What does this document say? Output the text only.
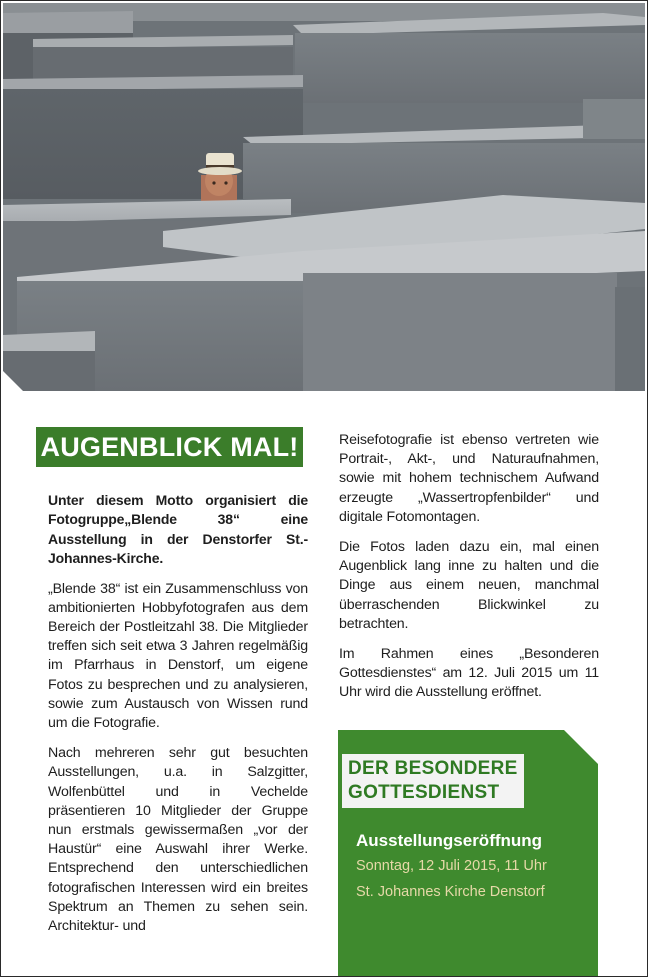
AUGENBLICK MAL!

Unter diesem Motto organisiert die Fotogruppe„Blende 38“ eine Ausstellung in der Denstorfer St.-Johannes-Kirche.

„Blende 38“ ist ein Zusammenschluss von ambitionierten Hobbyfotografen aus dem Bereich der Postleitzahl 38. Die Mitglieder treffen sich seit etwa 3 Jahren regelmäßig im Pfarrhaus in Denstorf, um eigene Fotos zu besprechen und zu analysieren, sowie zum Austausch von Wissen rund um die Fotografie.

Nach mehreren sehr gut besuchten Ausstellungen, u.a. in Salzgitter, Wolfenbüttel und in Vechelde präsentieren 10 Mitglieder der Gruppe nun erstmals gewissermaßen „vor der Haustür“ eine Auswahl ihrer Werke. Entsprechend den unterschiedlichen fotografischen Interessen wird ein breites Spektrum an Themen zu sehen sein. Architektur- und

Reisefotografie ist ebenso vertreten wie Portrait-, Akt-, und Naturaufnahmen, sowie mit hohem technischem Aufwand erzeugte „Wassertropfenbilder“ und digitale Fotomontagen.

Die Fotos laden dazu ein, mal einen Augenblick lang inne zu halten und die Dinge aus einem neuen, manchmal überraschenden Blickwinkel zu betrachten.

Im Rahmen eines „Besonderen Gottesdienstes“ am 12. Juli 2015 um 11 Uhr wird die Ausstellung eröffnet.

DER BESONDERE
GOTTESDIENST
Ausstellungseröffnung
Sonntag, 12 Juli 2015, 11 Uhr
St. Johannes Kirche Denstorf
